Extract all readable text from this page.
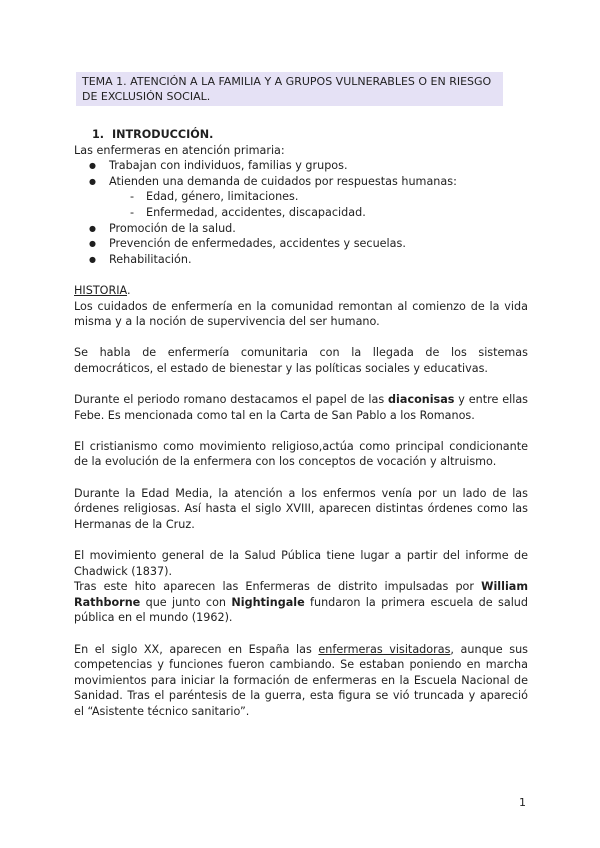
TEMA 1. ATENCIÓN A LA FAMILIA Y A GRUPOS VULNERABLES O EN RIESGO DE EXCLUSIÓN SOCIAL.
1. INTRODUCCIÓN.
Las enfermeras en atención primaria:
● Trabajan con individuos, familias y grupos.
● Atienden una demanda de cuidados por respuestas humanas:
- Edad, género, limitaciones.
- Enfermedad, accidentes, discapacidad.
● Promoción de la salud.
● Prevención de enfermedades, accidentes y secuelas.
● Rehabilitación.
HISTORIA.

Los cuidados de enfermería en la comunidad remontan al comienzo de la vida misma y a la noción de supervivencia del ser humano.

Se habla de enfermería comunitaria con la llegada de los sistemas democráticos, el estado de bienestar y las políticas sociales y educativas.

Durante el periodo romano destacamos el papel de las diaconisas y entre ellas Febe. Es mencionada como tal en la Carta de San Pablo a los Romanos.

El cristianismo como movimiento religioso,actúa como principal condicionante de la evolución de la enfermera con los conceptos de vocación y altruismo.

Durante la Edad Media, la atención a los enfermos venía por un lado de las órdenes religiosas. Así hasta el siglo XVIII, aparecen distintas órdenes como las Hermanas de la Cruz.

El movimiento general de la Salud Pública tiene lugar a partir del informe de Chadwick (1837).

Tras este hito aparecen las Enfermeras de distrito impulsadas por William Rathborne que junto con Nightingale fundaron la primera escuela de salud pública en el mundo (1962).

En el siglo XX, aparecen en España las enfermeras visitadoras, aunque sus competencias y funciones fueron cambiando. Se estaban poniendo en marcha movimientos para iniciar la formación de enfermeras en la Escuela Nacional de Sanidad. Tras el paréntesis de la guerra, esta figura se vió truncada y apareció el “Asistente técnico sanitario”.

1
